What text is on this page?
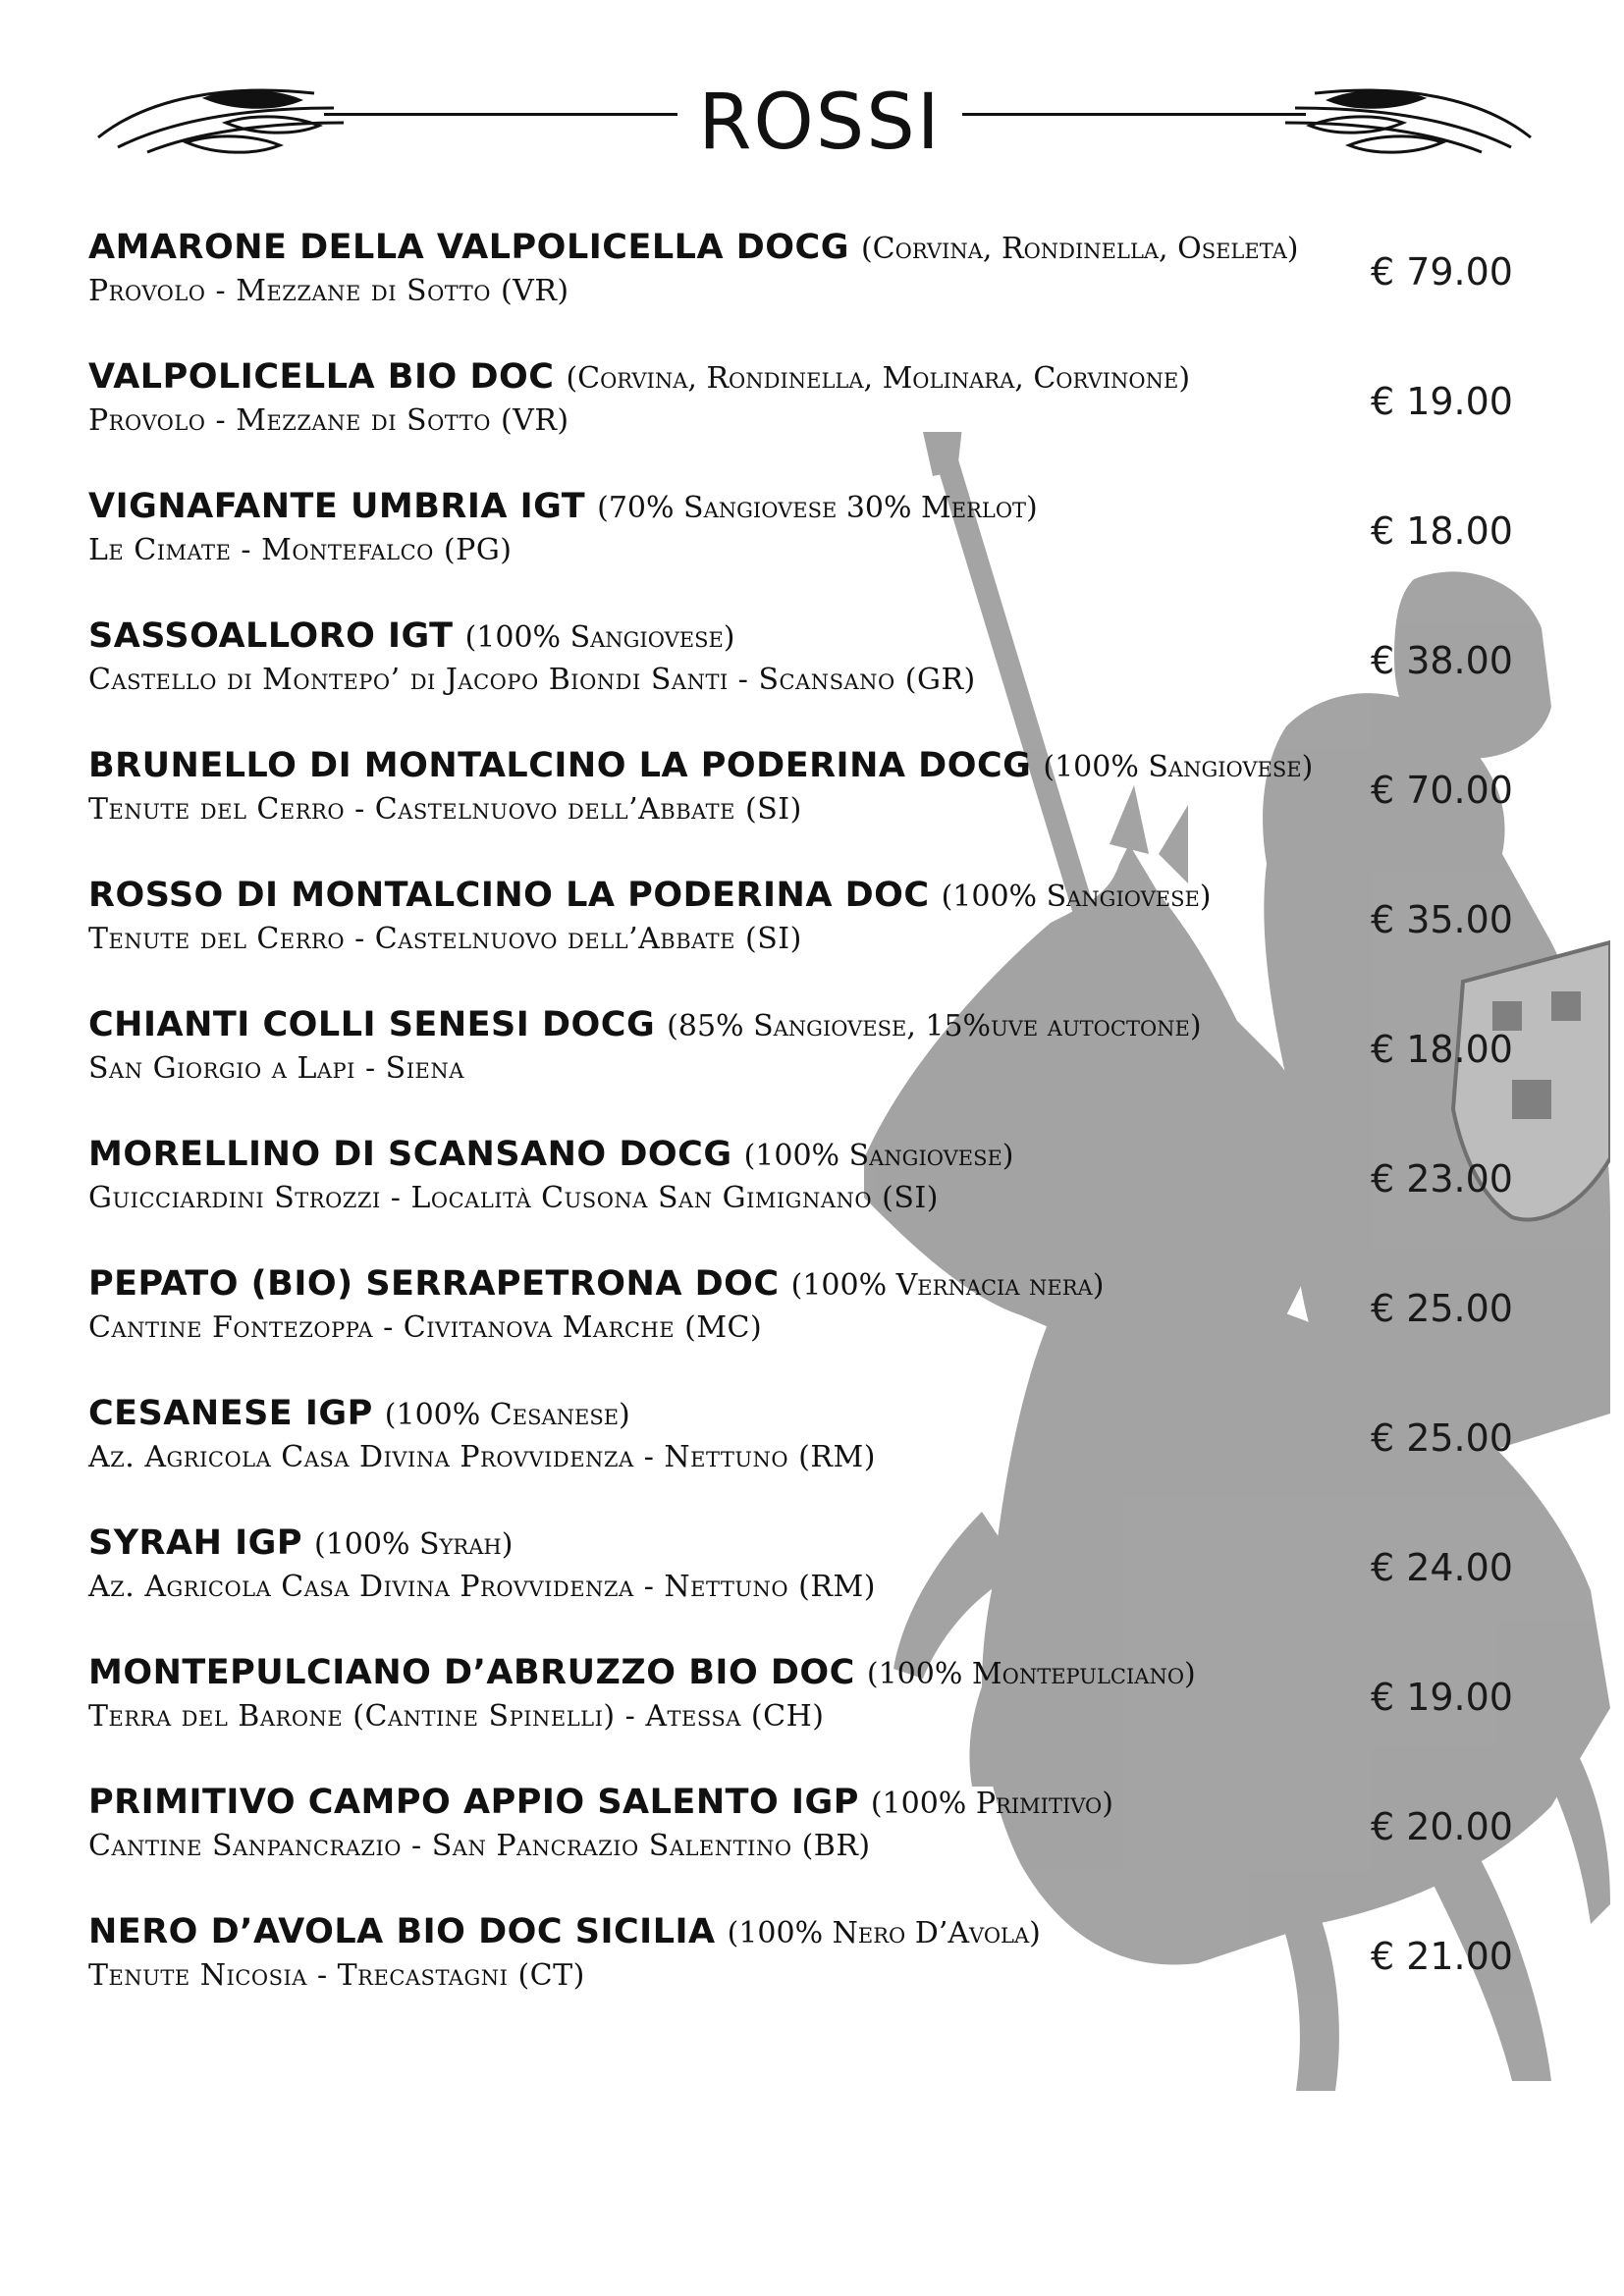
ROSSI
AMARONE DELLA VALPOLICELLA DOCG (Corvina, Rondinella, Oseleta)
Provolo - Mezzane di Sotto (VR)	€ 79.00
VALPOLICELLA BIO DOC (Corvina, Rondinella, Molinara, Corvinone)
Provolo - Mezzane di Sotto (VR)	€ 19.00
VIGNAFANTE UMBRIA IGT (70% Sangiovese 30% Merlot)
Le Cimate - Montefalco (PG)	€ 18.00
SASSOALLORO IGT (100% Sangiovese)
Castello di Montepo’ di Jacopo Biondi Santi - Scansano (GR)	€ 38.00
BRUNELLO DI MONTALCINO LA PODERINA DOCG (100% Sangiovese)
Tenute del Cerro - Castelnuovo dell’Abbate (SI)	€ 70.00
ROSSO DI MONTALCINO LA PODERINA DOC (100% Sangiovese)
Tenute del Cerro - Castelnuovo dell’Abbate (SI)	€ 35.00
CHIANTI COLLI SENESI DOCG (85% Sangiovese, 15%uve autoctone)
San Giorgio a Lapi - Siena	€ 18.00
MORELLINO DI SCANSANO DOCG (100% Sangiovese)
Guicciardini Strozzi - Località Cusona San Gimignano (SI)	€ 23.00
PEPATO (BIO) SERRAPETRONA DOC (100% Vernacia nera)
Cantine Fontezoppa - Civitanova Marche (MC)	€ 25.00
CESANESE IGP (100% Cesanese)
Az. Agricola Casa Divina Provvidenza - Nettuno (RM)	€ 25.00
SYRAH IGP (100% Syrah)
Az. Agricola Casa Divina Provvidenza - Nettuno (RM)	€ 24.00
MONTEPULCIANO D’ABRUZZO BIO DOC (100% Montepulciano)
Terra del Barone (Cantine Spinelli) - Atessa (CH)	€ 19.00
PRIMITIVO CAMPO APPIO SALENTO IGP (100% Primitivo)
Cantine Sanpancrazio - San Pancrazio Salentino (BR)	€ 20.00
NERO D’AVOLA BIO DOC SICILIA (100% Nero D’Avola)
Tenute Nicosia - Trecastagni (CT)	€ 21.00
